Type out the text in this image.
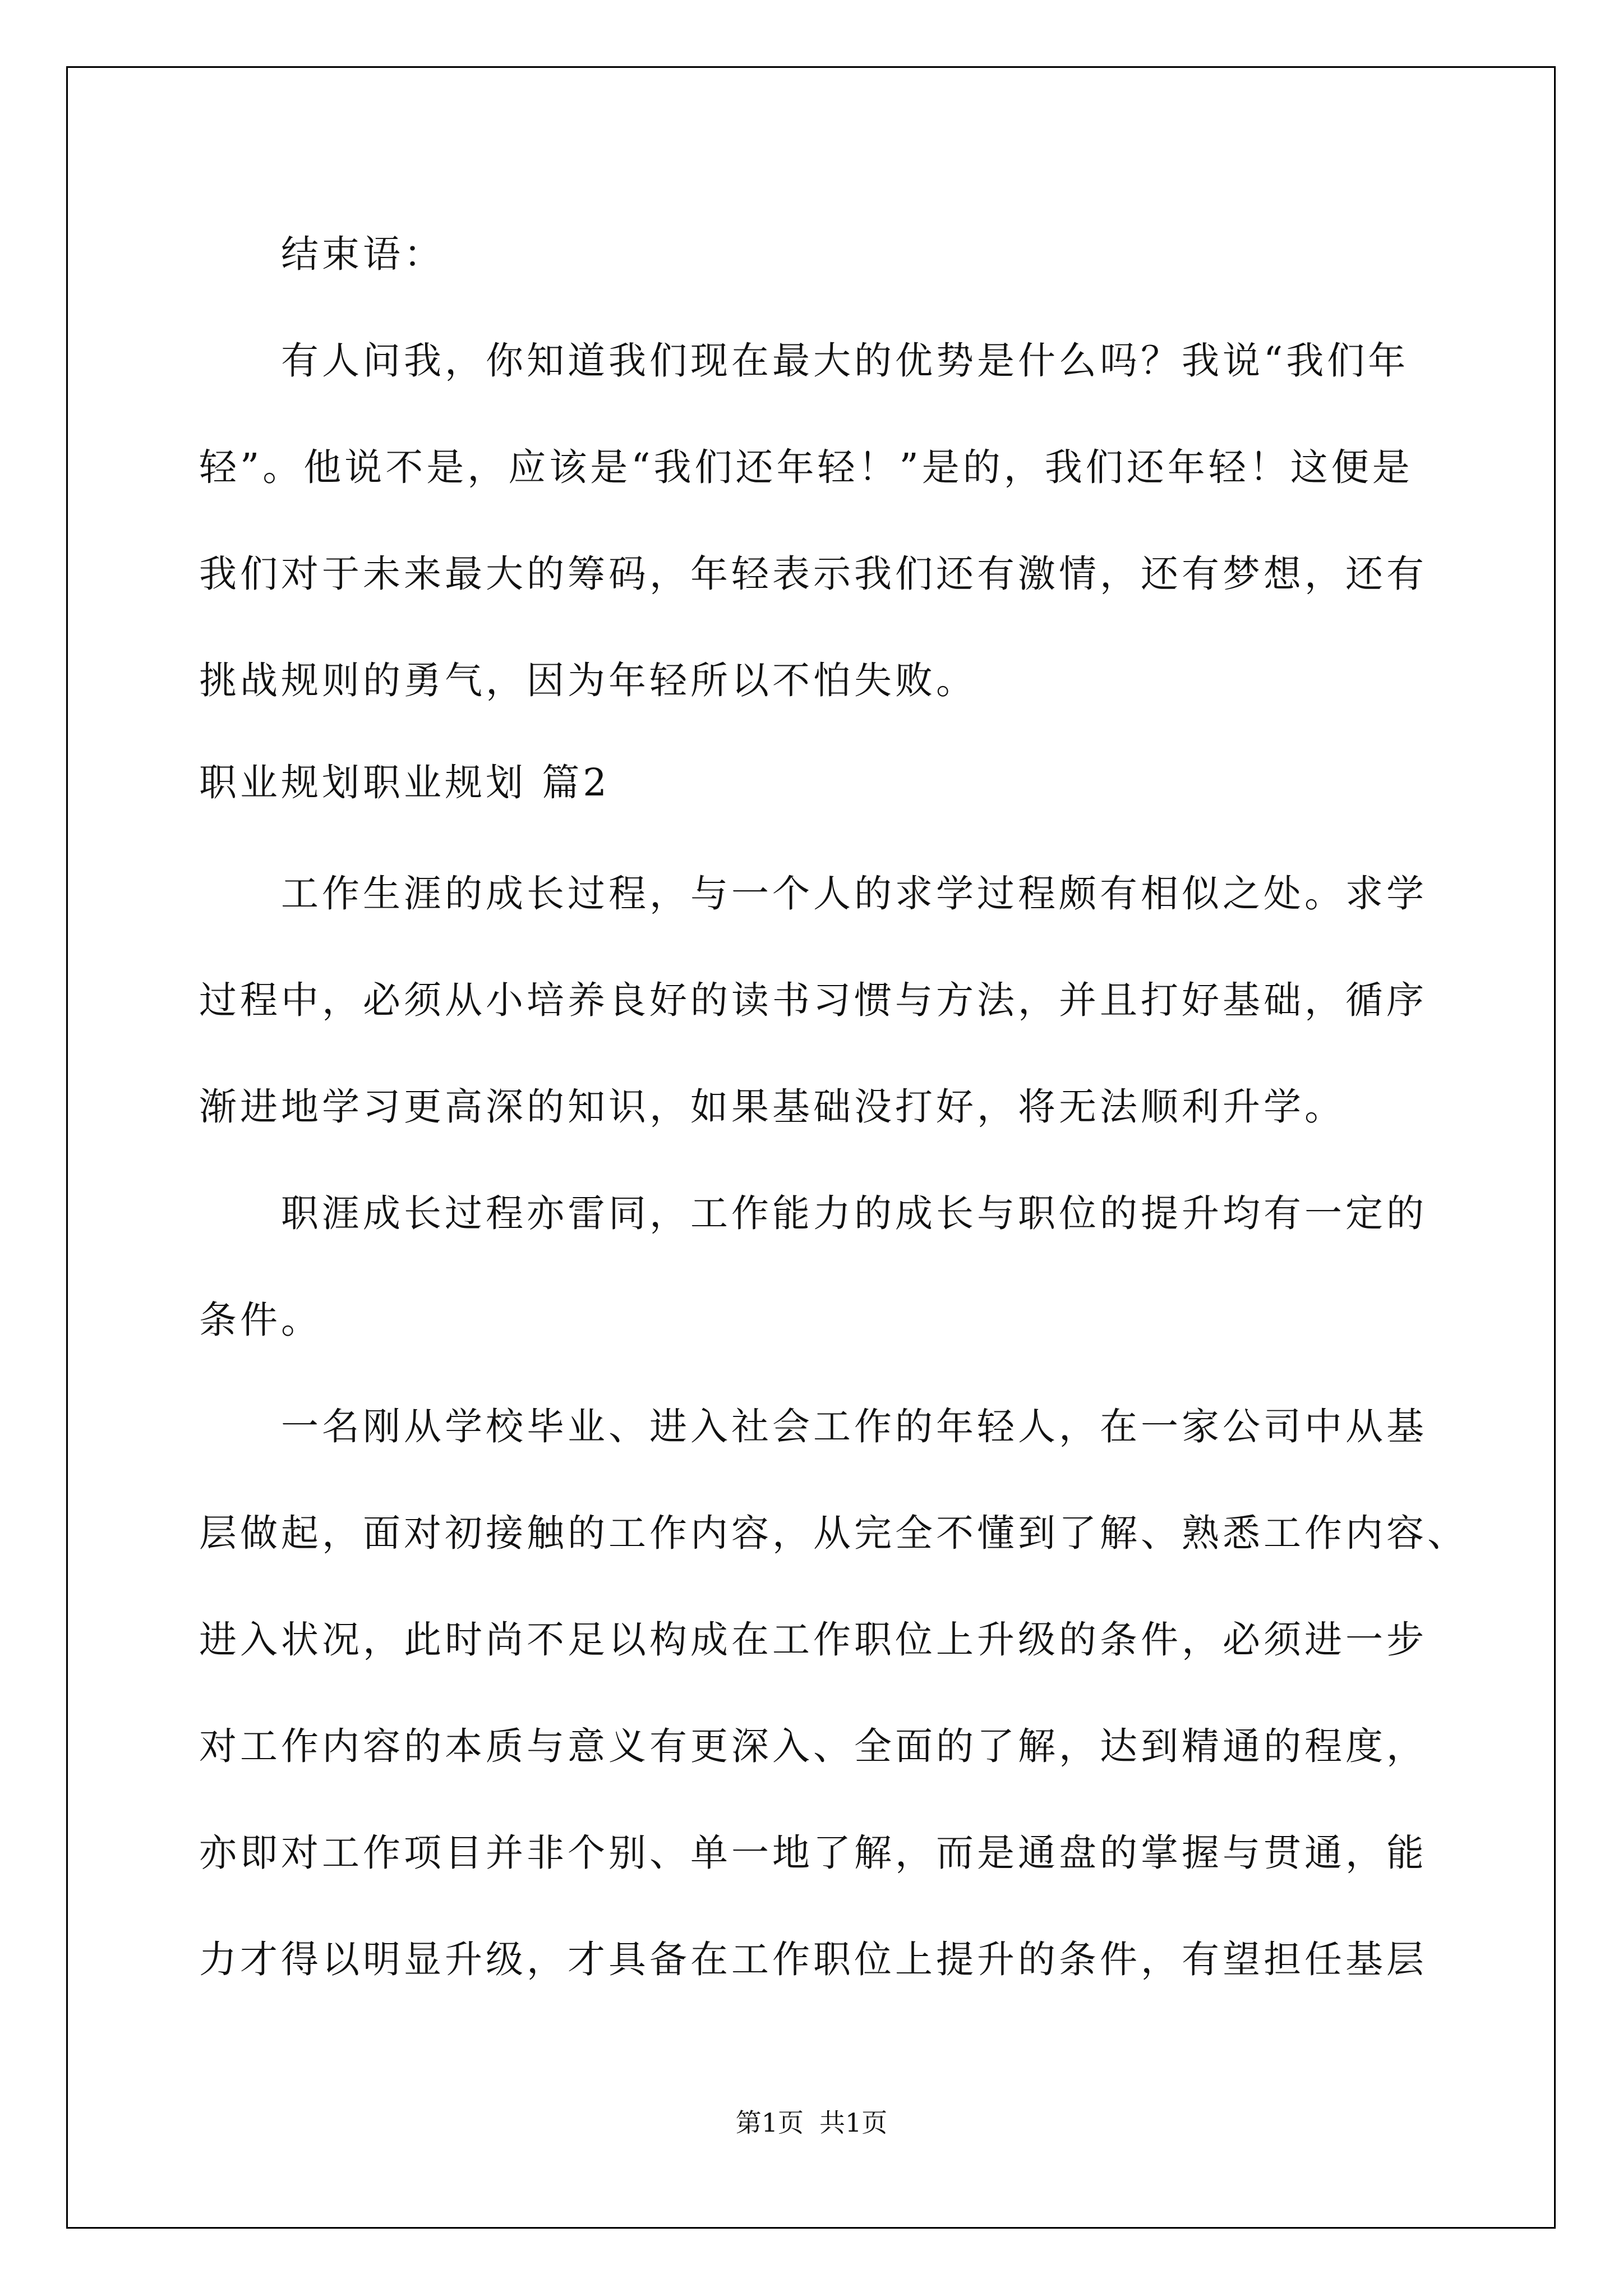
结束语：
有人问我，你知道我们现在最大的优势是什么吗？我说“我们年
轻”。他说不是，应该是“我们还年轻！”是的，我们还年轻！这便是
我们对于未来最大的筹码，年轻表示我们还有激情，还有梦想，还有
挑战规则的勇气，因为年轻所以不怕失败。
职业规划职业规划 篇2
工作生涯的成长过程，与一个人的求学过程颇有相似之处。求学
过程中，必须从小培养良好的读书习惯与方法，并且打好基础，循序
渐进地学习更高深的知识，如果基础没打好，将无法顺利升学。
职涯成长过程亦雷同，工作能力的成长与职位的提升均有一定的
条件。
一名刚从学校毕业、进入社会工作的年轻人，在一家公司中从基
层做起，面对初接触的工作内容，从完全不懂到了解、熟悉工作内容、
进入状况，此时尚不足以构成在工作职位上升级的条件，必须进一步
对工作内容的本质与意义有更深入、全面的了解，达到精通的程度，
亦即对工作项目并非个别、单一地了解，而是通盘的掌握与贯通，能
力才得以明显升级，才具备在工作职位上提升的条件，有望担任基层
第1页 共1页
